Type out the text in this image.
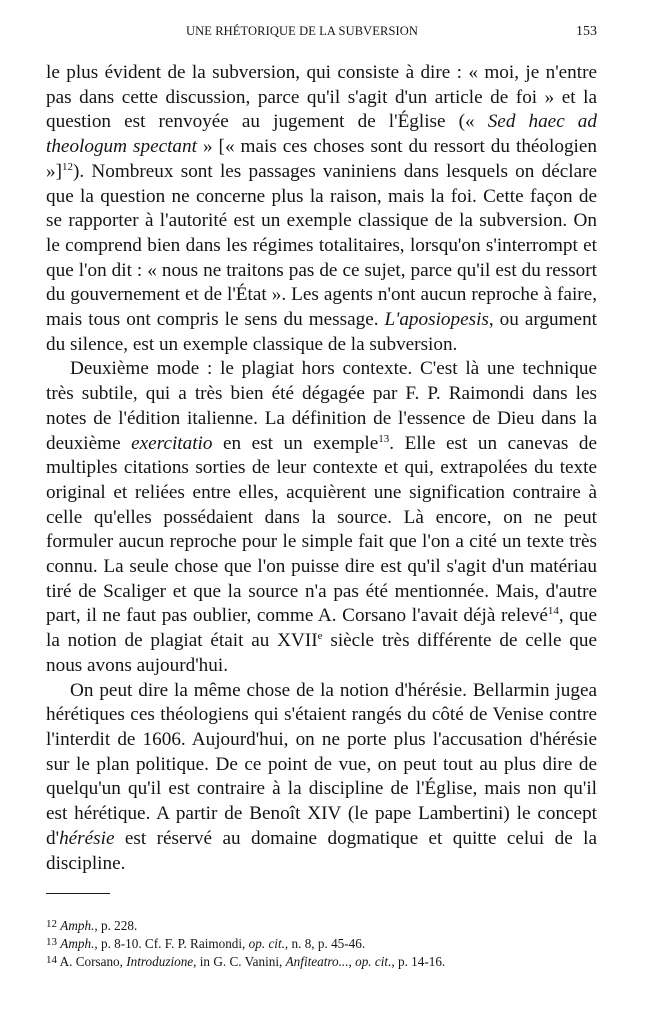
UNE RHÉTORIQUE DE LA SUBVERSION	153

le plus évident de la subversion, qui consiste à dire : « moi, je n'entre pas dans cette discussion, parce qu'il s'agit d'un article de foi » et la question est renvoyée au jugement de l'Église (« Sed haec ad theologum spectant » [« mais ces choses sont du ressort du théologien »]$^{12}$). Nombreux sont les passages vaniniens dans lesquels on déclare que la question ne concerne plus la raison, mais la foi. Cette façon de se rapporter à l'autorité est un exemple classique de la subversion. On le comprend bien dans les régimes totalitaires, lorsqu'on s'interrompt et que l'on dit : « nous ne traitons pas de ce sujet, parce qu'il est du ressort du gouvernement et de l'État ». Les agents n'ont aucun reproche à faire, mais tous ont compris le sens du message. L'aposiopesis, ou argument du silence, est un exemple classique de la subversion.

Deuxième mode : le plagiat hors contexte. C'est là une technique très subtile, qui a très bien été dégagée par F. P. Raimondi dans les notes de l'édition italienne. La définition de l'essence de Dieu dans la deuxième exercitatio en est un exemple$^{13}$. Elle est un canevas de multiples citations sorties de leur contexte et qui, extrapolées du texte original et reliées entre elles, acquièrent une signification contraire à celle qu'elles possédaient dans la source. Là encore, on ne peut formuler aucun reproche pour le simple fait que l'on a cité un texte très connu. La seule chose que l'on puisse dire est qu'il s'agit d'un matériau tiré de Scaliger et que la source n'a pas été mentionnée. Mais, d'autre part, il ne faut pas oublier, comme A. Corsano l'avait déjà relevé$^{14}$, que la notion de plagiat était au XVIIe siècle très différente de celle que nous avons aujourd'hui.

On peut dire la même chose de la notion d'hérésie. Bellarmin jugea hérétiques ces théologiens qui s'étaient rangés du côté de Venise contre l'interdit de 1606. Aujourd'hui, on ne porte plus l'accusation d'hérésie sur le plan politique. De ce point de vue, on peut tout au plus dire de quelqu'un qu'il est contraire à la discipline de l'Église, mais non qu'il est hérétique. A partir de Benoît XIV (le pape Lambertini) le concept d'hérésie est réservé au domaine dogmatique et quitte celui de la discipline.

$^{12}$ Amph., p. 228.
$^{13}$ Amph., p. 8-10. Cf. F. P. Raimondi, op. cit., n. 8, p. 45-46.
$^{14}$ A. Corsano, Introduzione, in G. C. Vanini, Anfiteatro..., op. cit., p. 14-16.
